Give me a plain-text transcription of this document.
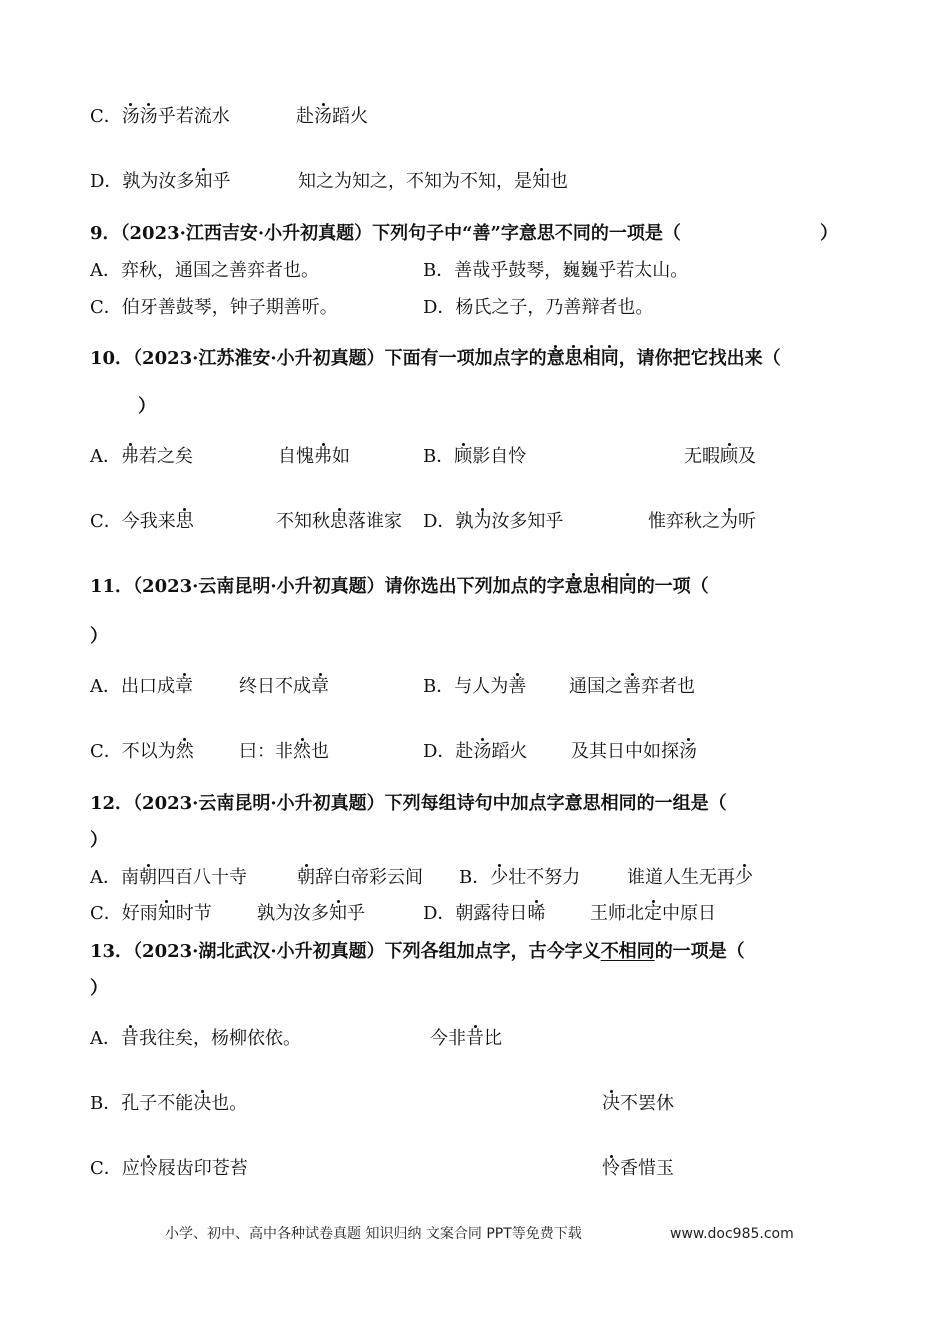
C．汤汤乎若流水	赴汤蹈火
D．孰为汝多知乎	知之为知之，不知为不知，是知也
9．（2023·江西吉安·小升初真题）下列句子中“善”字意思不同的一项是（	）
A．弈秋，通国之善弈者也。	B．善哉乎鼓琴，巍巍乎若太山。
C．伯牙善鼓琴，钟子期善听。	D．杨氏之子，乃善辩者也。
10．（2023·江苏淮安·小升初真题）下面有一项加点字的意思相同，请你把它找出来（
）
A．弗若之矣	自愧弗如	B．顾影自怜	无暇顾及
C．今我来思	不知秋思落谁家 D．孰为汝多知乎	惟弈秋之为听
11．（2023·云南昆明·小升初真题）请你选出下列加点的字意思相同的一项（
）
A．出口成章	终日不成章	B．与人为善 通国之善弈者也
C．不以为然	曰：非然也	D．赴汤蹈火 及其日中如探汤
12．（2023·云南昆明·小升初真题）下列每组诗句中加点字意思相同的一组是（
）
A．南朝四百八十寺	朝辞白帝彩云间 B．少壮不努力	谁道人生无再少
C．好雨知时节	孰为汝多知乎	D．朝露待日晞 王师北定中原日
13．（2023·湖北武汉·小升初真题）下列各组加点字，古今字义不相同的一项是（
）
A．昔我往矣，杨柳依依。	今非昔比
B．孔子不能决也。	决不罢休
C．应怜屐齿印苍苔	怜香惜玉
小学、初中、高中各种试卷真题 知识归纳 文案合同 PPT等免费下载	www.doc985.com
